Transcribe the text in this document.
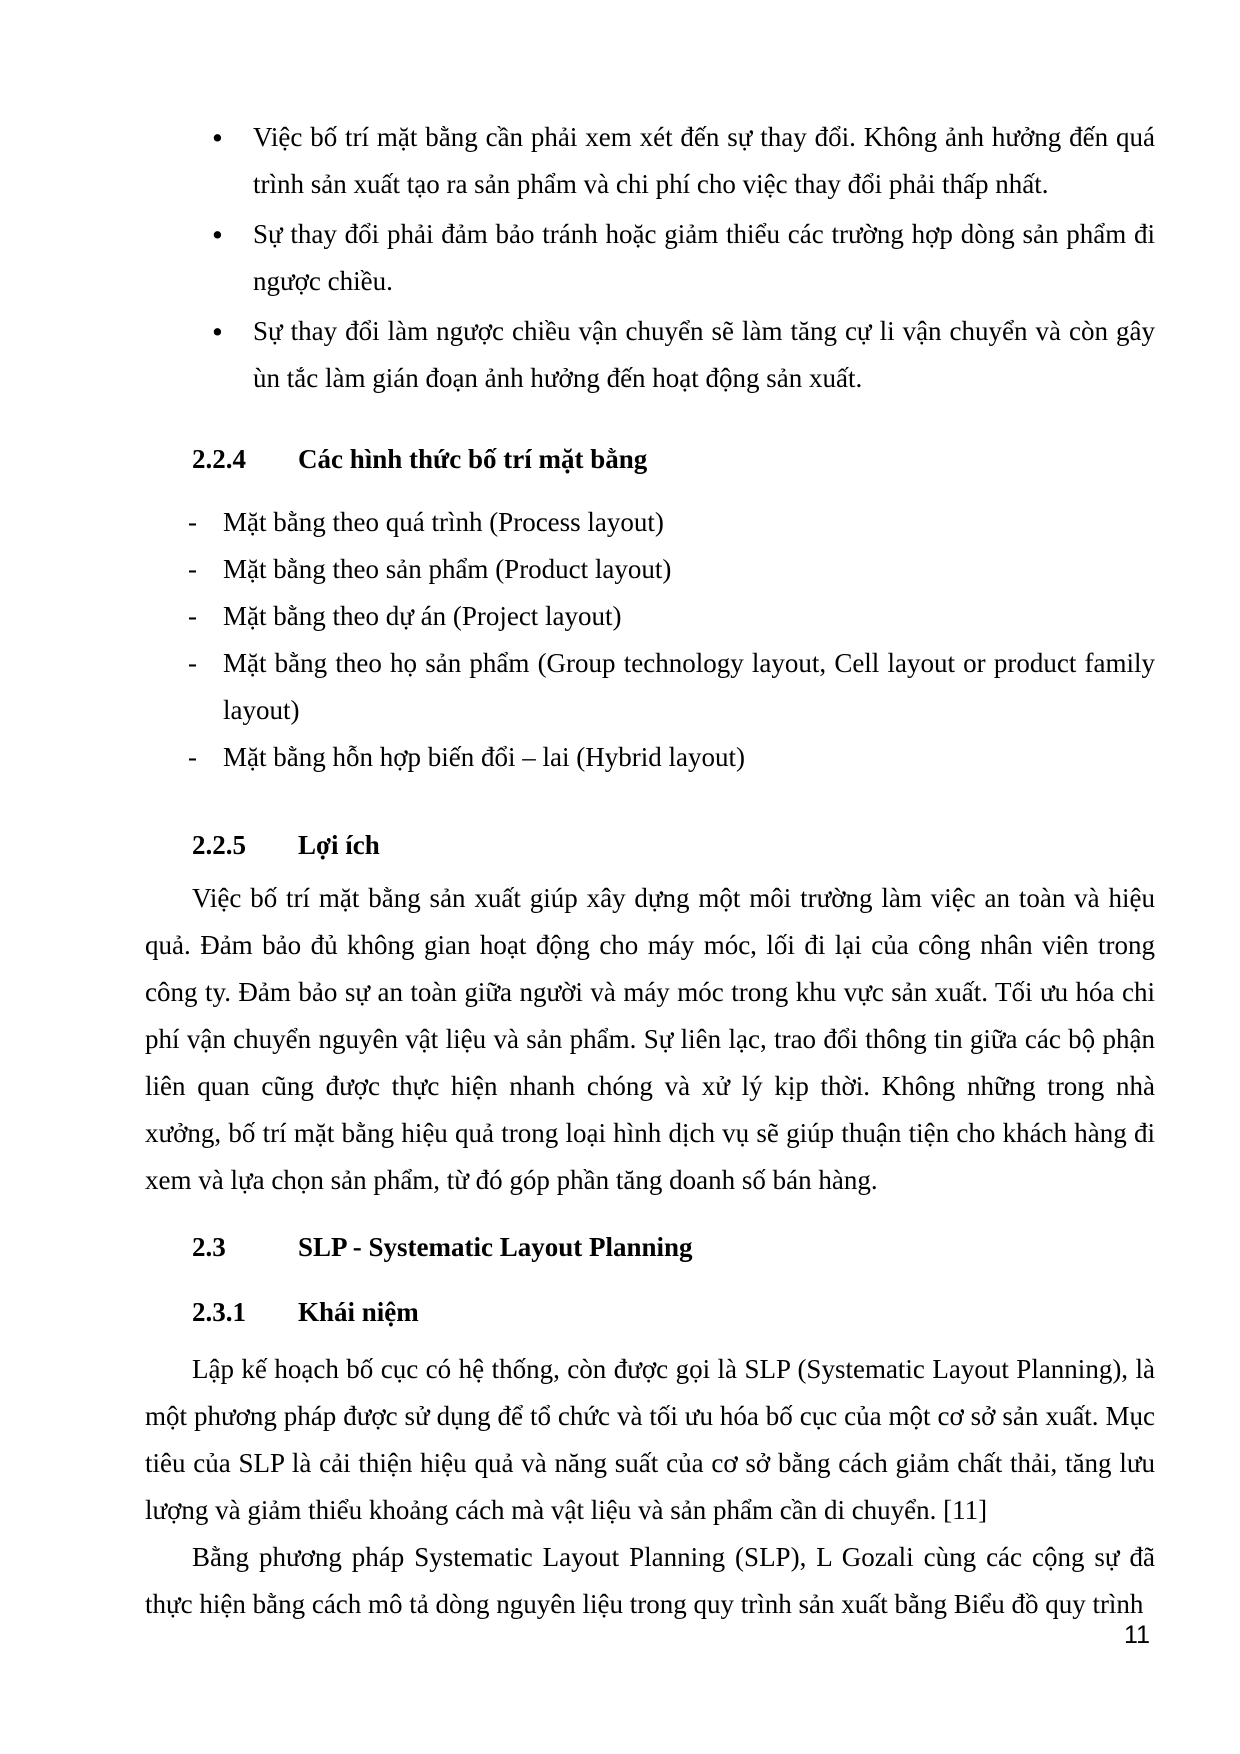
•	Việc bố trí mặt bằng cần phải xem xét đến sự thay đổi. Không ảnh hưởng đến quá trình sản xuất tạo ra sản phẩm và chi phí cho việc thay đổi phải thấp nhất.
•	Sự thay đổi phải đảm bảo tránh hoặc giảm thiểu các trường hợp dòng sản phẩm đi ngược chiều.
•	Sự thay đổi làm ngược chiều vận chuyển sẽ làm tăng cự li vận chuyển và còn gây ùn tắc làm gián đoạn ảnh hưởng đến hoạt động sản xuất.
2.2.4	Các hình thức bố trí mặt bằng
- Mặt bằng theo quá trình (Process layout)
- Mặt bằng theo sản phẩm (Product layout)
- Mặt bằng theo dự án (Project layout)
- Mặt bằng theo họ sản phẩm (Group technology layout, Cell layout or product family layout)
- Mặt bằng hỗn hợp biến đổi – lai (Hybrid layout)
2.2.5	Lợi ích

Việc bố trí mặt bằng sản xuất giúp xây dựng một môi trường làm việc an toàn và hiệu quả. Đảm bảo đủ không gian hoạt động cho máy móc, lối đi lại của công nhân viên trong công ty. Đảm bảo sự an toàn giữa người và máy móc trong khu vực sản xuất. Tối ưu hóa chi phí vận chuyển nguyên vật liệu và sản phẩm. Sự liên lạc, trao đổi thông tin giữa các bộ phận liên quan cũng được thực hiện nhanh chóng và xử lý kịp thời. Không những trong nhà xưởng, bố trí mặt bằng hiệu quả trong loại hình dịch vụ sẽ giúp thuận tiện cho khách hàng đi xem và lựa chọn sản phẩm, từ đó góp phần tăng doanh số bán hàng.

2.3	SLP - Systematic Layout Planning
2.3.1	Khái niệm

Lập kế hoạch bố cục có hệ thống, còn được gọi là SLP (Systematic Layout Planning), là một phương pháp được sử dụng để tổ chức và tối ưu hóa bố cục của một cơ sở sản xuất. Mục tiêu của SLP là cải thiện hiệu quả và năng suất của cơ sở bằng cách giảm chất thải, tăng lưu lượng và giảm thiểu khoảng cách mà vật liệu và sản phẩm cần di chuyển. [11]

Bằng phương pháp Systematic Layout Planning (SLP), L Gozali cùng các cộng sự đã thực hiện bằng cách mô tả dòng nguyên liệu trong quy trình sản xuất bằng Biểu đồ quy trình

11
